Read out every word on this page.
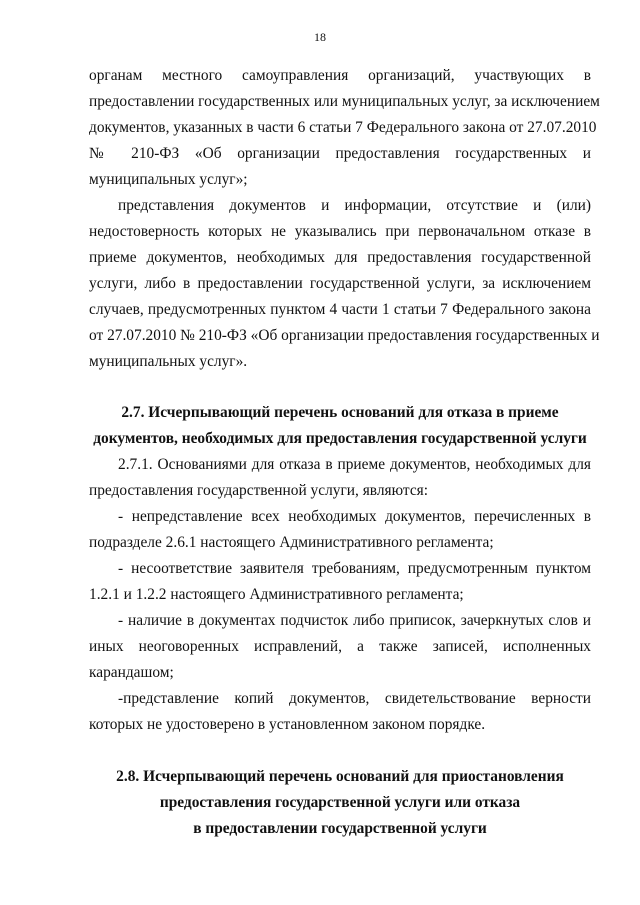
18
органам местного самоуправления организаций, участвующих в
предоставлении государственных или муниципальных услуг, за исключением
документов, указанных в части 6 статьи 7 Федерального закона от 27.07.2010
№ 210-ФЗ «Об организации предоставления государственных и
муниципальных услуг»;
представления документов и информации, отсутствие и (или)
недостоверность которых не указывались при первоначальном отказе в
приеме документов, необходимых для предоставления государственной
услуги, либо в предоставлении государственной услуги, за исключением
случаев, предусмотренных пунктом 4 части 1 статьи 7 Федерального закона
от 27.07.2010 № 210-ФЗ «Об организации предоставления государственных и
муниципальных услуг».
2.7. Исчерпывающий перечень оснований для отказа в приеме
документов, необходимых для предоставления государственной услуги
2.7.1. Основаниями для отказа в приеме документов, необходимых для
предоставления государственной услуги, являются:
- непредставление всех необходимых документов, перечисленных в
подразделе 2.6.1 настоящего Административного регламента;
- несоответствие заявителя требованиям, предусмотренным пунктом
1.2.1 и 1.2.2 настоящего Административного регламента;
- наличие в документах подчисток либо приписок, зачеркнутых слов и
иных неоговоренных исправлений, а также записей, исполненных
карандашом;
-представление копий документов, свидетельствование верности
которых не удостоверено в установленном законом порядке.
2.8. Исчерпывающий перечень оснований для приостановления
предоставления государственной услуги или отказа
в предоставлении государственной услуги
